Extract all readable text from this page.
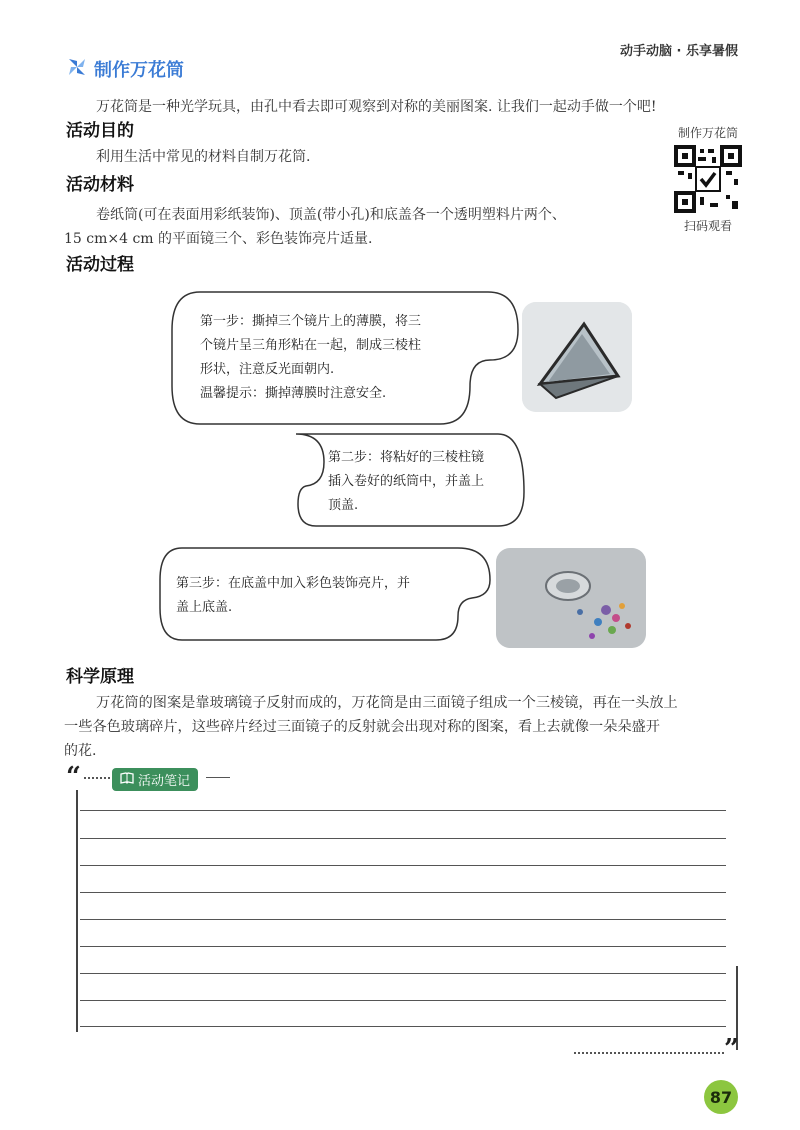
动手动脑 · 乐享暑假
制作万花筒
万花筒是一种光学玩具，由孔中看去即可观察到对称的美丽图案. 让我们一起动手做一个吧!
活动目的
利用生活中常见的材料自制万花筒.
制作万花筒
扫码观看
活动材料
卷纸筒(可在表面用彩纸装饰)、顶盖(带小孔)和底盖各一个透明塑料片两个、
15 cm×4 cm 的平面镜三个、彩色装饰亮片适量.
活动过程
第一步：撕掉三个镜片上的薄膜，将三
个镜片呈三角形粘在一起，制成三棱柱
形状，注意反光面朝内.
温馨提示：撕掉薄膜时注意安全.
第二步：将粘好的三棱柱镜
插入卷好的纸筒中，并盖上
顶盖.
第三步：在底盖中加入彩色装饰亮片，并
盖上底盖.
科学原理
万花筒的图案是靠玻璃镜子反射而成的，万花筒是由三面镜子组成一个三棱镜，再在一头放上
一些各色玻璃碎片，这些碎片经过三面镜子的反射就会出现对称的图案，看上去就像一朵朵盛开
的花.
“	活动笔记
”
87
